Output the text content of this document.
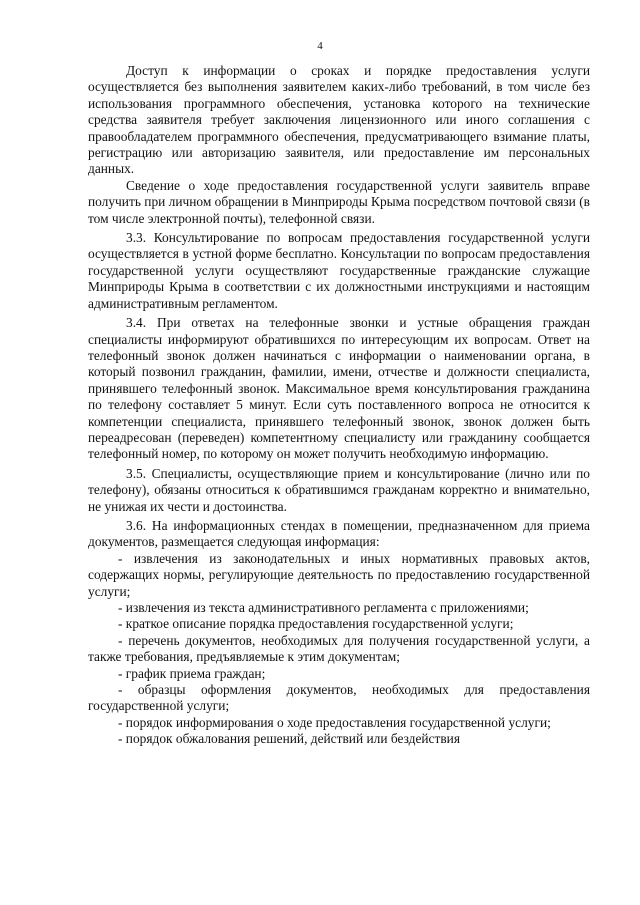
4

Доступ к информации о сроках и порядке предоставления услуги осуществляется без выполнения заявителем каких-либо требований, в том числе без использования программного обеспечения, установка которого на технические средства заявителя требует заключения лицензионного или иного соглашения с правообладателем программного обеспечения, предусматривающего взимание платы, регистрацию или авторизацию заявителя, или предоставление им персональных данных.

Сведение о ходе предоставления государственной услуги заявитель вправе получить при личном обращении в Минприроды Крыма посредством почтовой связи (в том числе электронной почты), телефонной связи.

3.3. Консультирование по вопросам предоставления государственной услуги осуществляется в устной форме бесплатно. Консультации по вопросам предоставления государственной услуги осуществляют государственные гражданские служащие Минприроды Крыма в соответствии с их должностными инструкциями и настоящим административным регламентом.

3.4. При ответах на телефонные звонки и устные обращения граждан специалисты информируют обратившихся по интересующим их вопросам. Ответ на телефонный звонок должен начинаться с информации о наименовании органа, в который позвонил гражданин, фамилии, имени, отчестве и должности специалиста, принявшего телефонный звонок. Максимальное время консультирования гражданина по телефону составляет 5 минут. Если суть поставленного вопроса не относится к компетенции специалиста, принявшего телефонный звонок, звонок должен быть переадресован (переведен) компетентному специалисту или гражданину сообщается телефонный номер, по которому он может получить необходимую информацию.

3.5. Специалисты, осуществляющие прием и консультирование (лично или по телефону), обязаны относиться к обратившимся гражданам корректно и внимательно, не унижая их чести и достоинства.

3.6. На информационных стендах в помещении, предназначенном для приема документов, размещается следующая информация:

- извлечения из законодательных и иных нормативных правовых актов, содержащих нормы, регулирующие деятельность по предоставлению государственной услуги;

- извлечения из текста административного регламента с приложениями;

- краткое описание порядка предоставления государственной услуги;

- перечень документов, необходимых для получения государственной услуги, а также требования, предъявляемые к этим документам;

- график приема граждан;

- образцы оформления документов, необходимых для предоставления государственной услуги;

- порядок информирования о ходе предоставления государственной услуги;

- порядок обжалования решений, действий или бездействия
